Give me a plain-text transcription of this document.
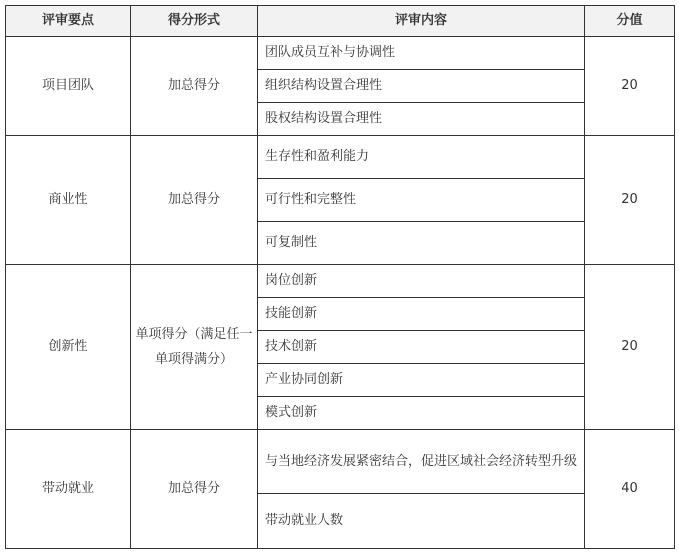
评审要点	得分形式	评审内容	分值
项目团队	加总得分	团队成员互补与协调性	20
		组织结构设置合理性	
		股权结构设置合理性	
商业性	加总得分	生存性和盈利能力	20
		可行性和完整性	
		可复制性	
创新性	单项得分（满足任一单项得满分）	岗位创新	20
		技能创新	
		技术创新	
		产业协同创新	
		模式创新	
带动就业	加总得分	与当地经济发展紧密结合，促进区域社会经济转型升级	40
		带动就业人数	
